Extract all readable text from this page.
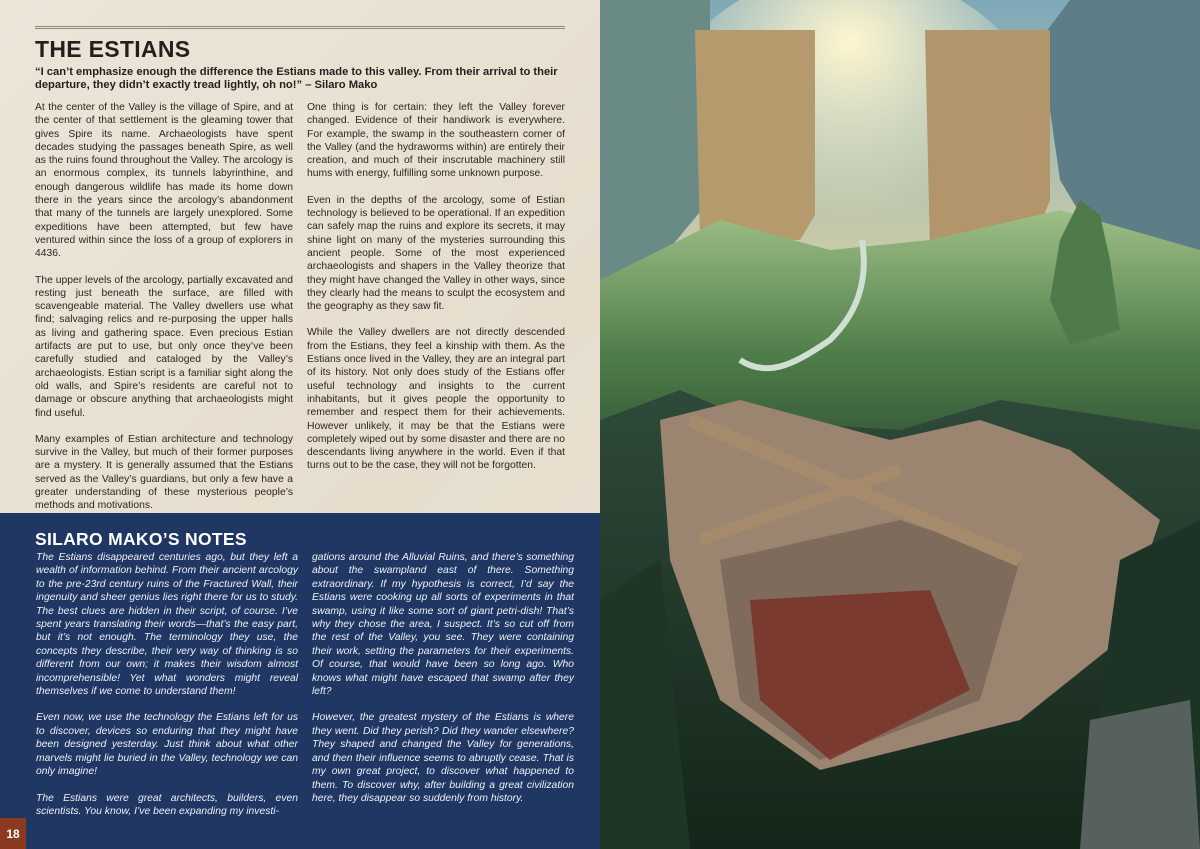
THE ESTIANS
“I can’t emphasize enough the difference the Estians made to this valley. From their arrival to their departure, they didn’t exactly tread lightly, oh no!” – Silaro Mako

At the center of the Valley is the village of Spire, and at the center of that settlement is the gleaming tower that gives Spire its name. Archaeologists have spent decades studying the passages beneath Spire, as well as the ruins found throughout the Valley. The arcology is an enormous complex, its tunnels labyrinthine, and enough dangerous wildlife has made its home down there in the years since the arcology’s abandonment that many of the tunnels are largely unexplored. Some expeditions have been attempted, but few have ventured within since the loss of a group of explorers in 4436.

The upper levels of the arcology, partially excavated and resting just beneath the surface, are filled with scavengeable material. The Valley dwellers use what find; salvaging relics and re-purposing the upper halls as living and gathering space. Even precious Estian artifacts are put to use, but only once they’ve been carefully studied and cataloged by the Valley’s archaeologists. Estian script is a familiar sight along the old walls, and Spire’s residents are careful not to damage or obscure anything that archaeologists might find useful.

Many examples of Estian architecture and technology survive in the Valley, but much of their former purposes are a mystery. It is generally assumed that the Estians served as the Valley’s guardians, but only a few have a greater understanding of these mysterious people’s methods and motivations.

One thing is for certain: they left the Valley forever changed. Evidence of their handiwork is everywhere. For example, the swamp in the southeastern corner of the Valley (and the hydraworms within) are entirely their creation, and much of their inscrutable machinery still hums with energy, fulfilling some unknown purpose.

Even in the depths of the arcology, some of Estian technology is believed to be operational. If an expedition can safely map the ruins and explore its secrets, it may shine light on many of the mysteries surrounding this ancient people. Some of the most experienced archaeologists and shapers in the Valley theorize that they might have changed the Valley in other ways, since they clearly had the means to sculpt the ecosystem and the geography as they saw fit.

While the Valley dwellers are not directly descended from the Estians, they feel a kinship with them. As the Estians once lived in the Valley, they are an integral part of its history. Not only does study of the Estians offer useful technology and insights to the current inhabitants, but it gives people the opportunity to remember and respect them for their achievements. However unlikely, it may be that the Estians were completely wiped out by some disaster and there are no descendants living anywhere in the world. Even if that turns out to be the case, they will not be forgotten.

SILARO MAKO’S NOTES

The Estians disappeared centuries ago, but they left a wealth of information behind. From their ancient arcology to the pre-23rd century ruins of the Fractured Wall, their ingenuity and sheer genius lies right there for us to study. The best clues are hidden in their script, of course. I’ve spent years translating their words—that’s the easy part, but it’s not enough. The terminology they use, the concepts they describe, their very way of thinking is so different from our own; it makes their wisdom almost incomprehensible! Yet what wonders might reveal themselves if we come to understand them!

Even now, we use the technology the Estians left for us to discover, devices so enduring that they might have been designed yesterday. Just think about what other marvels might lie buried in the Valley, technology we can only imagine!

The Estians were great architects, builders, even scientists. You know, I’ve been expanding my investi-

gations around the Alluvial Ruins, and there’s something about the swampland east of there. Something extraordinary. If my hypothesis is correct, I’d say the Estians were cooking up all sorts of experiments in that swamp, using it like some sort of giant petri-dish! That’s why they chose the area, I suspect. It’s so cut off from the rest of the Valley, you see. They were containing their work, setting the parameters for their experiments. Of course, that would have been so long ago. Who knows what might have escaped that swamp after they left?

However, the greatest mystery of the Estians is where they went. Did they perish? Did they wander elsewhere? They shaped and changed the Valley for generations, and then their influence seems to abruptly cease. That is my own great project, to discover what happened to them. To discover why, after building a great civilization here, they disappear so suddenly from history.

18
